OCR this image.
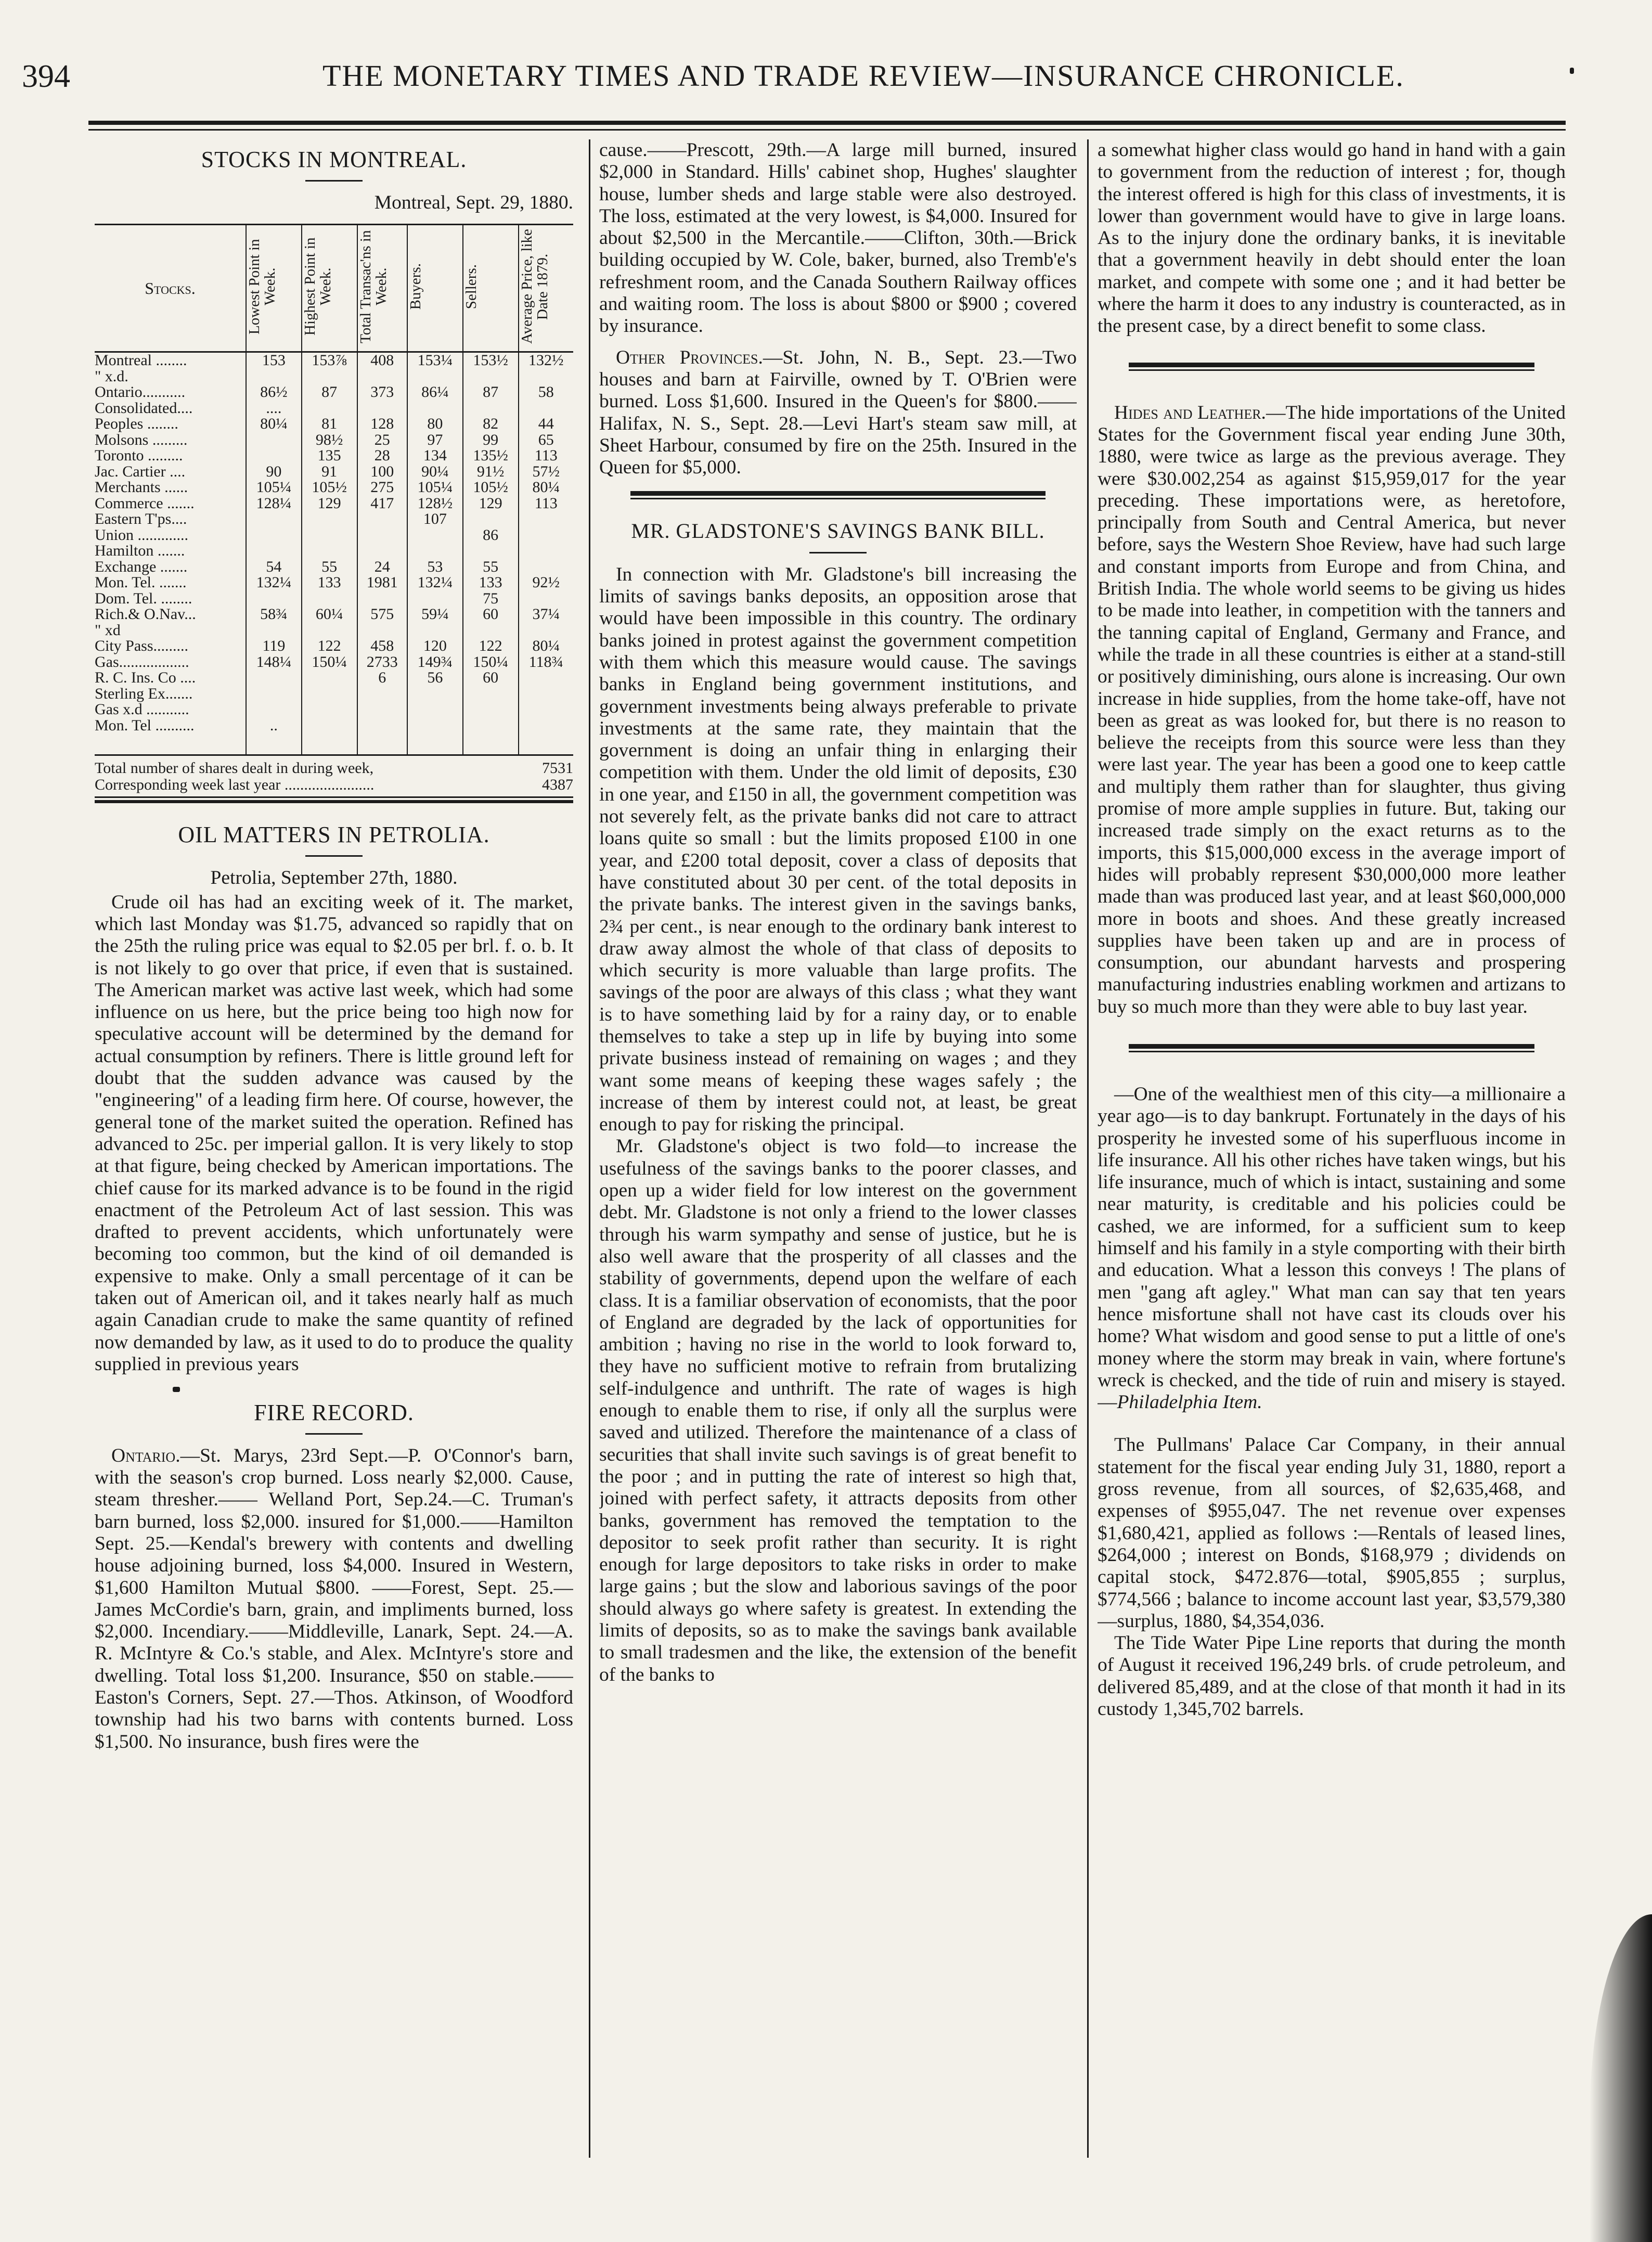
394	THE MONETARY TIMES AND TRADE REVIEW—INSURANCE CHRONICLE.
STOCKS IN MONTREAL.
Montreal, Sept. 29, 1880.
Stocks.	Lowest Point in Week.	Highest Point in Week.	Total Transac'ns in Week.	Buyers.	Sellers.	Average Price, like Date 1879.
Montreal ........	153	153⅞	408	153¼	153½	132½
" x.d.						
Ontario...........	86½	87	373	86¼	87	58
Consolidated....	....					
Peoples ........	80¼	81	128	80	82	44
Molsons .........		98½	25	97	99	65
Toronto .........		135	28	134	135½	113
Jac. Cartier ....	90	91	100	90¼	91½	57½
Merchants ......	105¼	105½	275	105¼	105½	80¼
Commerce .......	128¼	129	417	128½	129	113
Eastern T'ps....				107		
Union .............					86	
Hamilton .......						
Exchange .......	54	55	24	53	55	
Mon. Tel. .......	132¼	133	1981	132¼	133	92½
Dom. Tel. ........					75	
Rich.& O.Nav...	58¾	60¼	575	59¼	60	37¼
" xd						
City Pass.........	119	122	458	120	122	80¼
Gas..................	148¼	150¼	2733	149¾	150¼	118¾
R. C. Ins. Co ....			6	56	60	
Sterling Ex.......						
Gas x.d ...........						
Mon. Tel ..........	..					

Total number of shares dealt in during week,	7531
Corresponding week last year .......................	4387
OIL MATTERS IN PETROLIA.
Petrolia, September 27th, 1880.

Crude oil has had an exciting week of it. The market, which last Monday was $1.75, advanced so rapidly that on the 25th the ruling price was equal to $2.05 per brl. f. o. b. It is not likely to go over that price, if even that is sustained. The American market was active last week, which had some influence on us here, but the price being too high now for speculative account will be determined by the demand for actual consumption by refiners. There is little ground left for doubt that the sudden advance was caused by the "engineering" of a leading firm here. Of course, however, the general tone of the market suited the operation. Refined has advanced to 25c. per imperial gallon. It is very likely to stop at that figure, being checked by American importations. The chief cause for its marked advance is to be found in the rigid enactment of the Petroleum Act of last session. This was drafted to prevent accidents, which unfortunately were becoming too common, but the kind of oil demanded is expensive to make. Only a small percentage of it can be taken out of American oil, and it takes nearly half as much again Canadian crude to make the same quantity of refined now demanded by law, as it used to do to produce the quality supplied in previous years

FIRE RECORD.

Ontario.—St. Marys, 23rd Sept.—P. O'Connor's barn, with the season's crop burned. Loss nearly $2,000. Cause, steam thresher.—— Welland Port, Sep.24.—C. Truman's barn burned, loss $2,000. insured for $1,000.——Hamilton Sept. 25.—Kendal's brewery with contents and dwelling house adjoining burned, loss $4,000. Insured in Western, $1,600 Hamilton Mutual $800. ——Forest, Sept. 25.—James McCordie's barn, grain, and impliments burned, loss $2,000. Incendiary.——Middleville, Lanark, Sept. 24.—A. R. McIntyre & Co.'s stable, and Alex. McIntyre's store and dwelling. Total loss $1,200. Insurance, $50 on stable.——Easton's Corners, Sept. 27.—Thos. Atkinson, of Woodford township had his two barns with contents burned. Loss $1,500. No insurance, bush fires were the

cause.——Prescott, 29th.—A large mill burned, insured $2,000 in Standard. Hills' cabinet shop, Hughes' slaughter house, lumber sheds and large stable were also destroyed. The loss, estimated at the very lowest, is $4,000. Insured for about $2,500 in the Mercantile.——Clifton, 30th.—Brick building occupied by W. Cole, baker, burned, also Tremb'e's refreshment room, and the Canada Southern Railway offices and waiting room. The loss is about $800 or $900 ; covered by insurance.

Other Provinces.—St. John, N. B., Sept. 23.—Two houses and barn at Fairville, owned by T. O'Brien were burned. Loss $1,600. Insured in the Queen's for $800.——Halifax, N. S., Sept. 28.—Levi Hart's steam saw mill, at Sheet Harbour, consumed by fire on the 25th. Insured in the Queen for $5,000.

MR. GLADSTONE'S SAVINGS BANK BILL.

In connection with Mr. Gladstone's bill increasing the limits of savings banks deposits, an opposition arose that would have been impossible in this country. The ordinary banks joined in protest against the government competition with them which this measure would cause. The savings banks in England being government institutions, and government investments being always preferable to private investments at the same rate, they maintain that the government is doing an unfair thing in enlarging their competition with them. Under the old limit of deposits, £30 in one year, and £150 in all, the government competition was not severely felt, as the private banks did not care to attract loans quite so small : but the limits proposed £100 in one year, and £200 total deposit, cover a class of deposits that have constituted about 30 per cent. of the total deposits in the private banks. The interest given in the savings banks, 2¾ per cent., is near enough to the ordinary bank interest to draw away almost the whole of that class of deposits to which security is more valuable than large profits. The savings of the poor are always of this class ; what they want is to have something laid by for a rainy day, or to enable themselves to take a step up in life by buying into some private business instead of remaining on wages ; and they want some means of keeping these wages safely ; the increase of them by interest could not, at least, be great enough to pay for risking the principal.

Mr. Gladstone's object is two fold—to increase the usefulness of the savings banks to the poorer classes, and open up a wider field for low interest on the government debt. Mr. Gladstone is not only a friend to the lower classes through his warm sympathy and sense of justice, but he is also well aware that the prosperity of all classes and the stability of governments, depend upon the welfare of each class. It is a familiar observation of economists, that the poor of England are degraded by the lack of opportunities for ambition ; having no rise in the world to look forward to, they have no sufficient motive to refrain from brutalizing self-indulgence and unthrift. The rate of wages is high enough to enable them to rise, if only all the surplus were saved and utilized. Therefore the maintenance of a class of securities that shall invite such savings is of great benefit to the poor ; and in putting the rate of interest so high that, joined with perfect safety, it attracts deposits from other banks, government has removed the temptation to the depositor to seek profit rather than security. It is right enough for large depositors to take risks in order to make large gains ; but the slow and laborious savings of the poor should always go where safety is greatest. In extending the limits of deposits, so as to make the savings bank available to small tradesmen and the like, the extension of the benefit of the banks to

a somewhat higher class would go hand in hand with a gain to government from the reduction of interest ; for, though the interest offered is high for this class of investments, it is lower than government would have to give in large loans. As to the injury done the ordinary banks, it is inevitable that a government heavily in debt should enter the loan market, and compete with some one ; and it had better be where the harm it does to any industry is counteracted, as in the present case, by a direct benefit to some class.

Hides and Leather.—The hide importations of the United States for the Government fiscal year ending June 30th, 1880, were twice as large as the previous average. They were $30.002,254 as against $15,959,017 for the year preceding. These importations were, as heretofore, principally from South and Central America, but never before, says the Western Shoe Review, have had such large and constant imports from Europe and from China, and British India. The whole world seems to be giving us hides to be made into leather, in competition with the tanners and the tanning capital of England, Germany and France, and while the trade in all these countries is either at a stand-still or positively diminishing, ours alone is increasing. Our own increase in hide supplies, from the home take-off, have not been as great as was looked for, but there is no reason to believe the receipts from this source were less than they were last year. The year has been a good one to keep cattle and multiply them rather than for slaughter, thus giving promise of more ample supplies in future. But, taking our increased trade simply on the exact returns as to the imports, this $15,000,000 excess in the average import of hides will probably represent $30,000,000 more leather made than was produced last year, and at least $60,000,000 more in boots and shoes. And these greatly increased supplies have been taken up and are in process of consumption, our abundant harvests and prospering manufacturing industries enabling workmen and artizans to buy so much more than they were able to buy last year.

—One of the wealthiest men of this city—a millionaire a year ago—is to day bankrupt. Fortunately in the days of his prosperity he invested some of his superfluous income in life insurance. All his other riches have taken wings, but his life insurance, much of which is intact, sustaining and some near maturity, is creditable and his policies could be cashed, we are informed, for a sufficient sum to keep himself and his family in a style comporting with their birth and education. What a lesson this conveys ! The plans of men "gang aft agley." What man can say that ten years hence misfortune shall not have cast its clouds over his home? What wisdom and good sense to put a little of one's money where the storm may break in vain, where fortune's wreck is checked, and the tide of ruin and misery is stayed.—Philadelphia Item.

The Pullmans' Palace Car Company, in their annual statement for the fiscal year ending July 31, 1880, report a gross revenue, from all sources, of $2,635,468, and expenses of $955,047. The net revenue over expenses $1,680,421, applied as follows :—Rentals of leased lines, $264,000 ; interest on Bonds, $168,979 ; dividends on capital stock, $472.876—total, $905,855 ; surplus, $774,566 ; balance to income account last year, $3,579,380—surplus, 1880, $4,354,036.

The Tide Water Pipe Line reports that during the month of August it received 196,249 brls. of crude petroleum, and delivered 85,489, and at the close of that month it had in its custody 1,345,702 barrels.
